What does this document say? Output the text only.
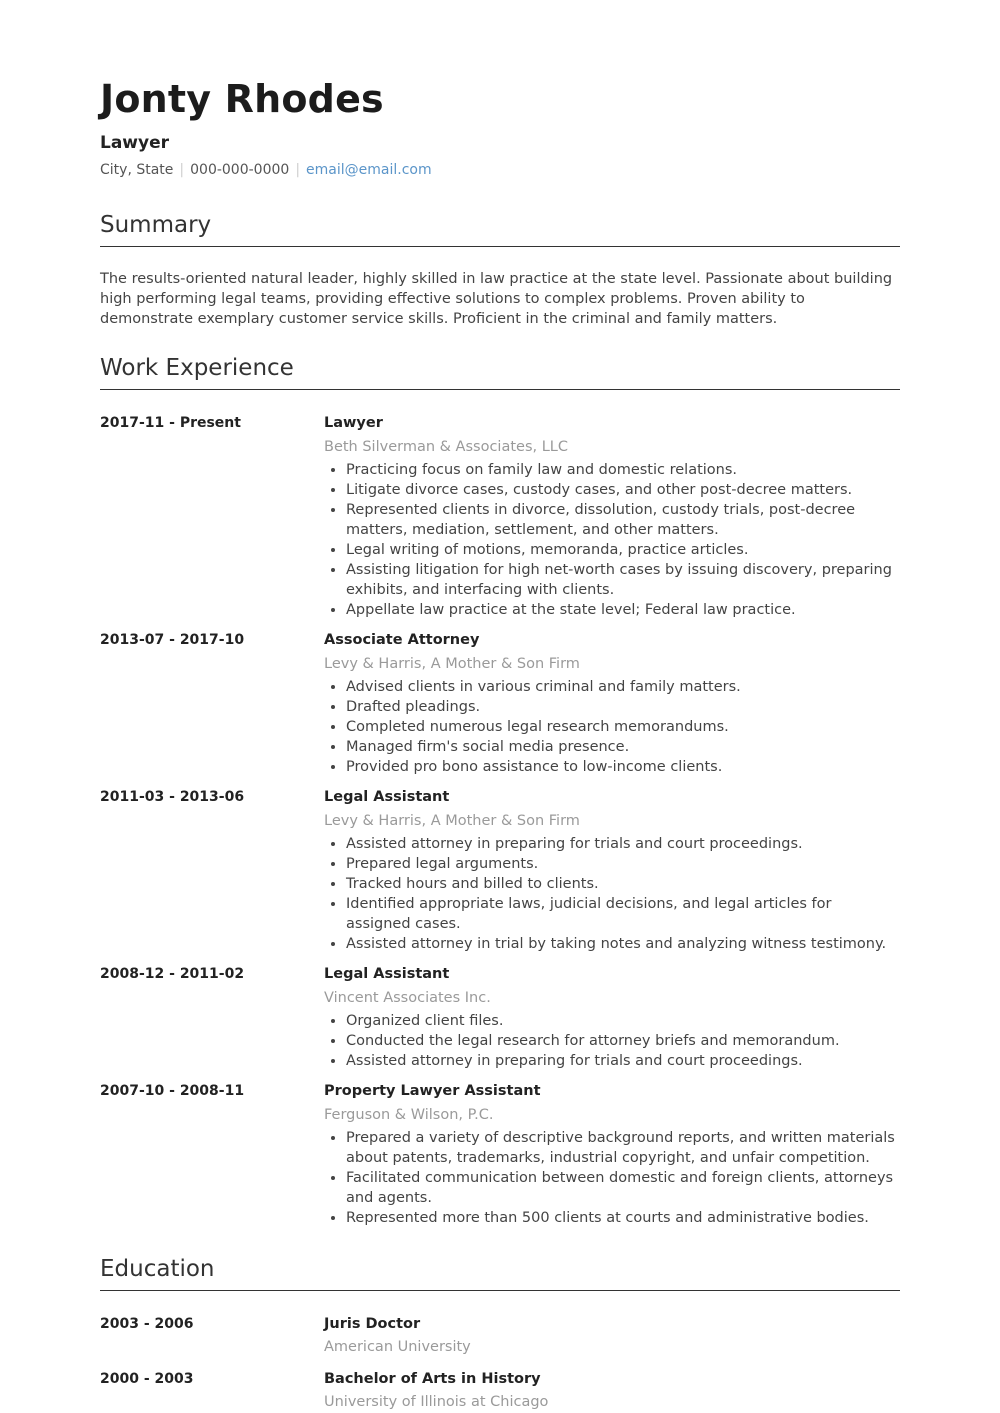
Jonty Rhodes
Lawyer
City, State | 000-000-0000 | email@email.com
Summary

The results-oriented natural leader, highly skilled in law practice at the state level. Passionate about building high performing legal teams, providing effective solutions to complex problems. Proven ability to demonstrate exemplary customer service skills. Proficient in the criminal and family matters.

Work Experience
2017-11 - Present	Lawyer
Beth Silverman & Associates, LLC
• Practicing focus on family law and domestic relations.
• Litigate divorce cases, custody cases, and other post-decree matters.
• Represented clients in divorce, dissolution, custody trials, post-decree matters, mediation, settlement, and other matters.
• Legal writing of motions, memoranda, practice articles.
• Assisting litigation for high net-worth cases by issuing discovery, preparing exhibits, and interfacing with clients.
• Appellate law practice at the state level; Federal law practice.
2013-07 - 2017-10	Associate Attorney
Levy & Harris, A Mother & Son Firm
• Advised clients in various criminal and family matters.
• Drafted pleadings.
• Completed numerous legal research memorandums.
• Managed firm's social media presence.
• Provided pro bono assistance to low-income clients.
2011-03 - 2013-06	Legal Assistant
Levy & Harris, A Mother & Son Firm
• Assisted attorney in preparing for trials and court proceedings.
• Prepared legal arguments.
• Tracked hours and billed to clients.
• Identified appropriate laws, judicial decisions, and legal articles for assigned cases.
• Assisted attorney in trial by taking notes and analyzing witness testimony.
2008-12 - 2011-02	Legal Assistant
Vincent Associates Inc.
• Organized client files.
• Conducted the legal research for attorney briefs and memorandum.
• Assisted attorney in preparing for trials and court proceedings.
2007-10 - 2008-11	Property Lawyer Assistant
Ferguson & Wilson, P.C.
• Prepared a variety of descriptive background reports, and written materials about patents, trademarks, industrial copyright, and unfair competition.
• Facilitated communication between domestic and foreign clients, attorneys and agents.
• Represented more than 500 clients at courts and administrative bodies.
Education
2003 - 2006	Juris Doctor
American University
2000 - 2003	Bachelor of Arts in History
University of Illinois at Chicago
